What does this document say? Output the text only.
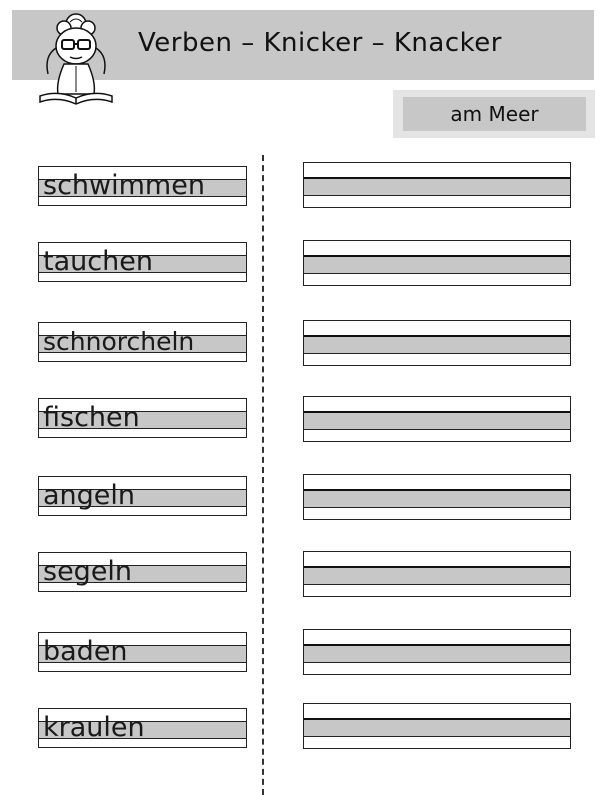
Verben – Knicker – Knacker
am Meer
schwimmen
tauchen
schnorcheln
fischen
angeln
segeln
baden
kraulen
